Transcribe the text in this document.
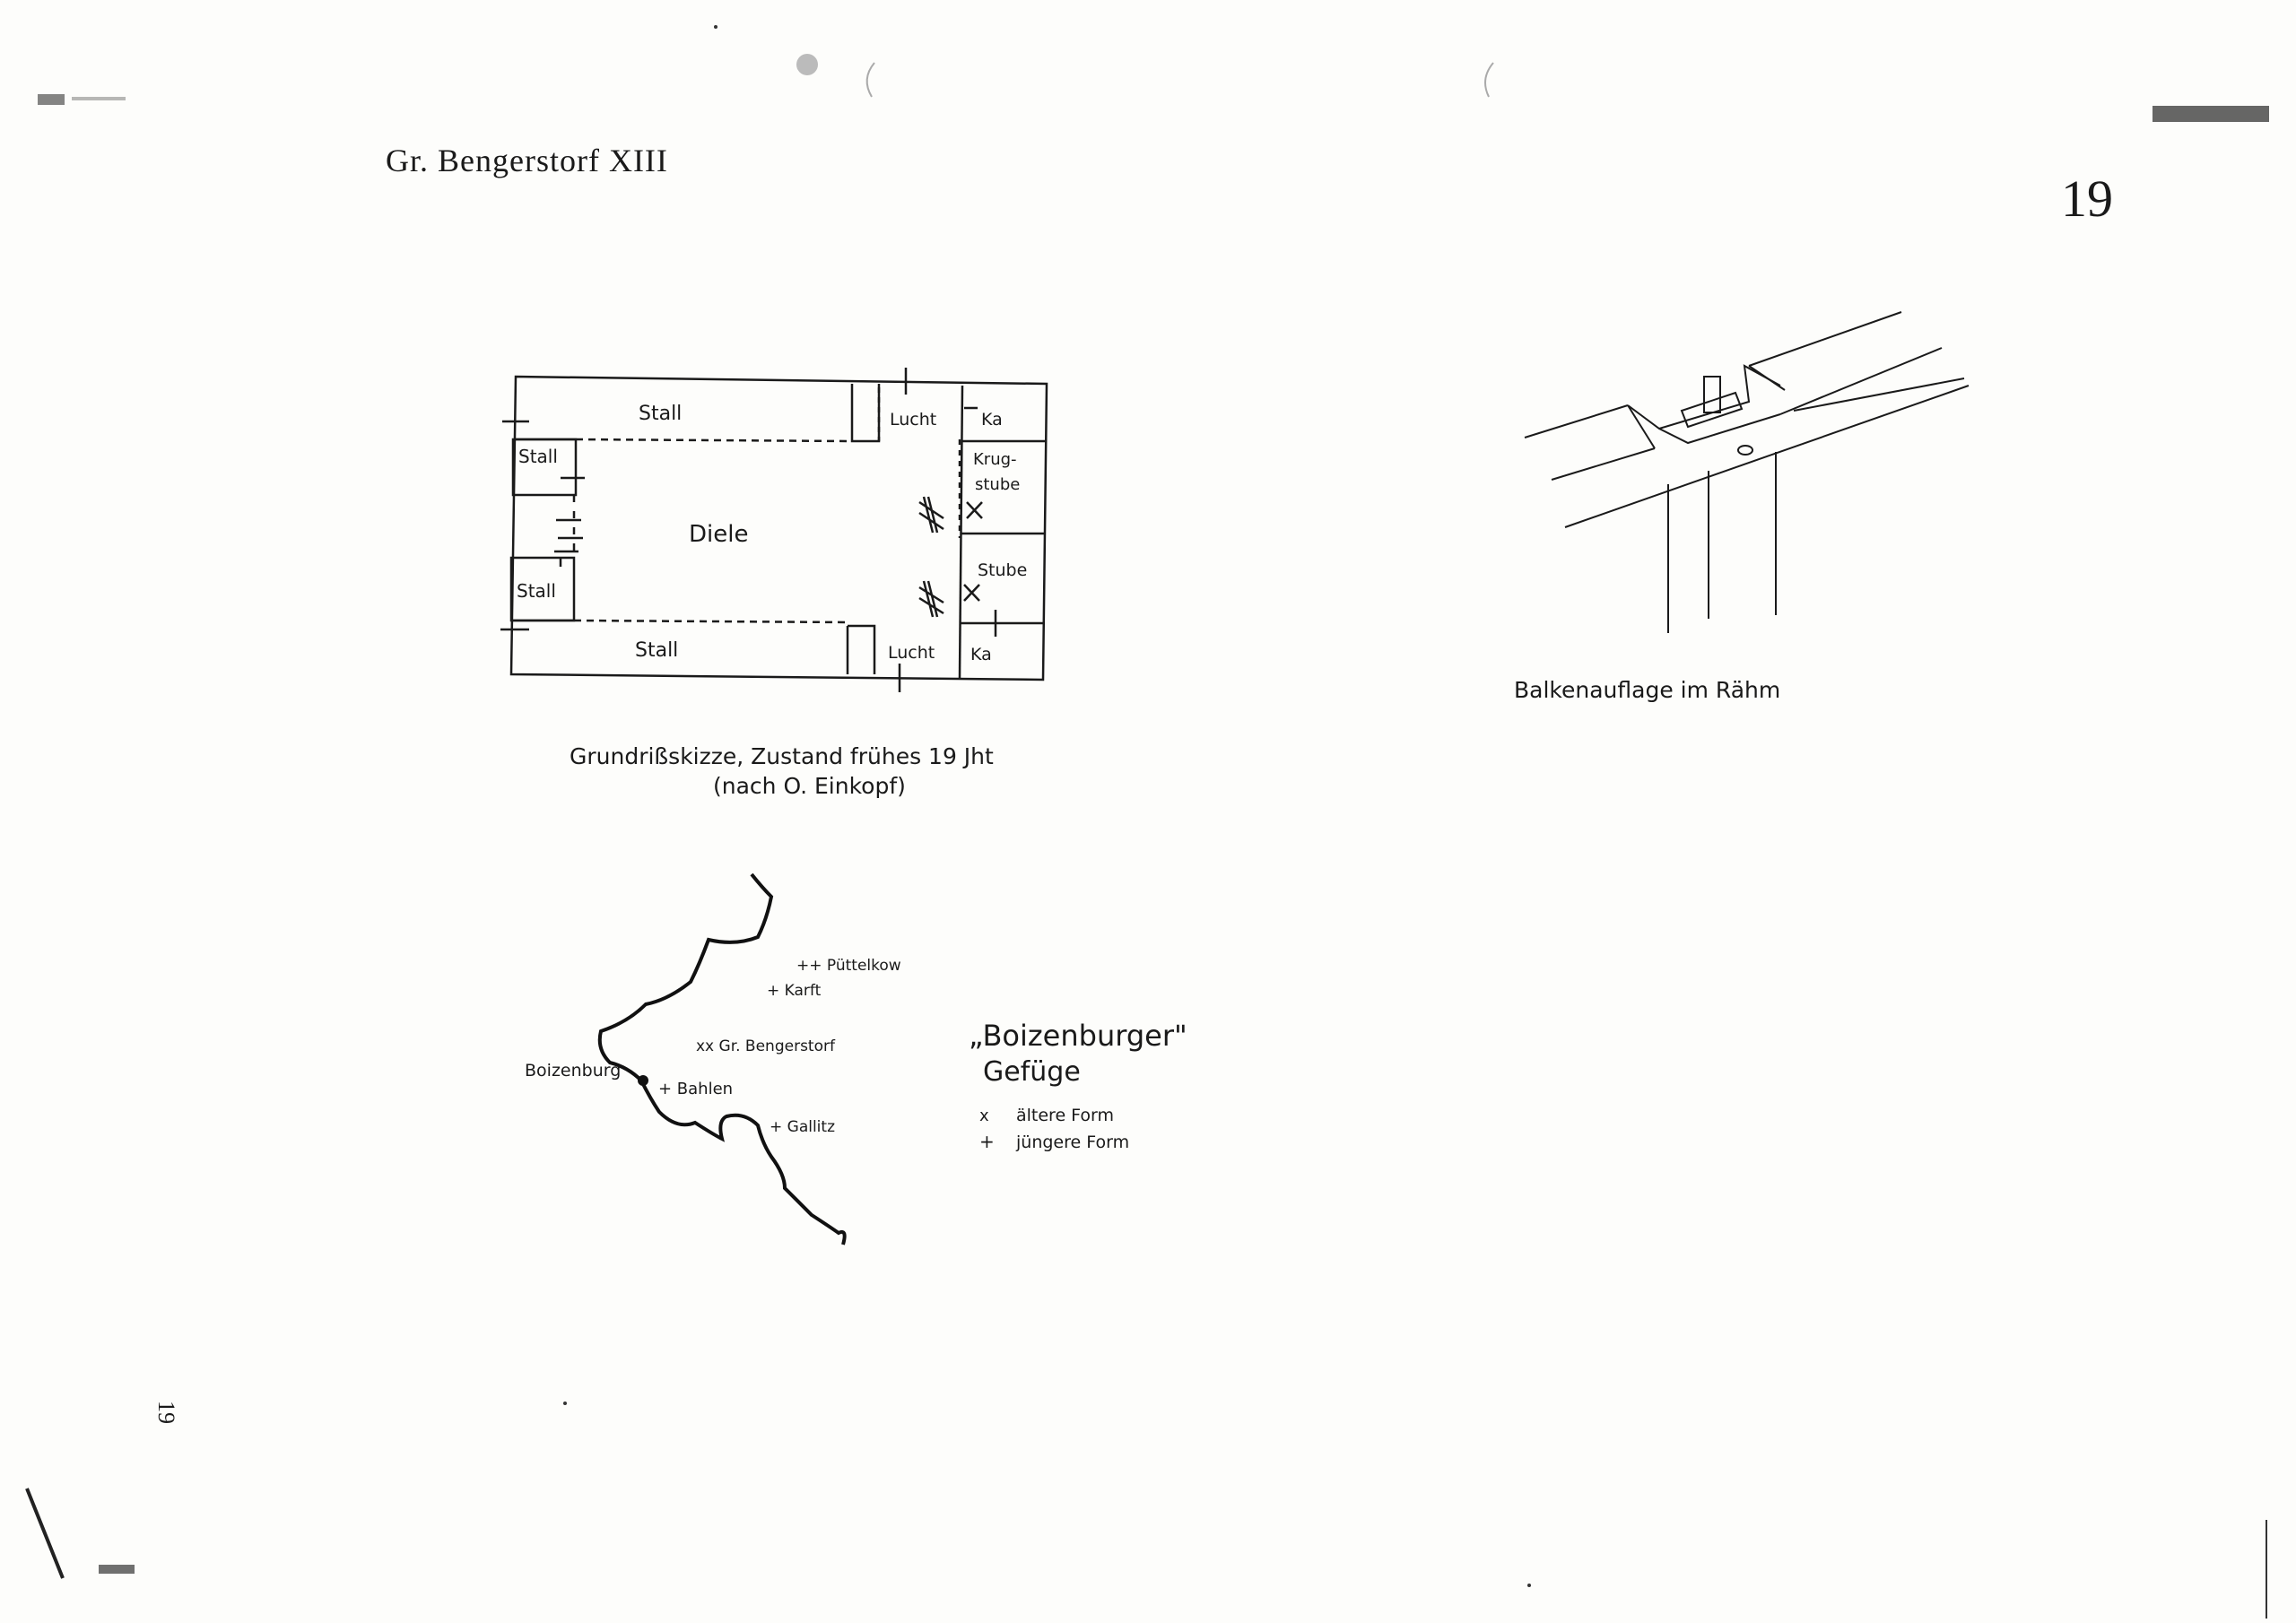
Gr. Bengerstorf XIII
19
19
Stall
Stall
Diele
Stall
Stall
Lucht
Lucht
Ka
Krug-
stube
Stube
Ka
Grundrißskizze, Zustand frühes 19 Jht
(nach O. Einkopf)
Balkenauflage im Rähm
Boizenburg
xx Gr. Bengerstorf
++ Püttelkow
+ Karft
+ Bahlen
+ Gallitz
„Boizenburger"
Gefüge
x ältere Form
+ jüngere Form
